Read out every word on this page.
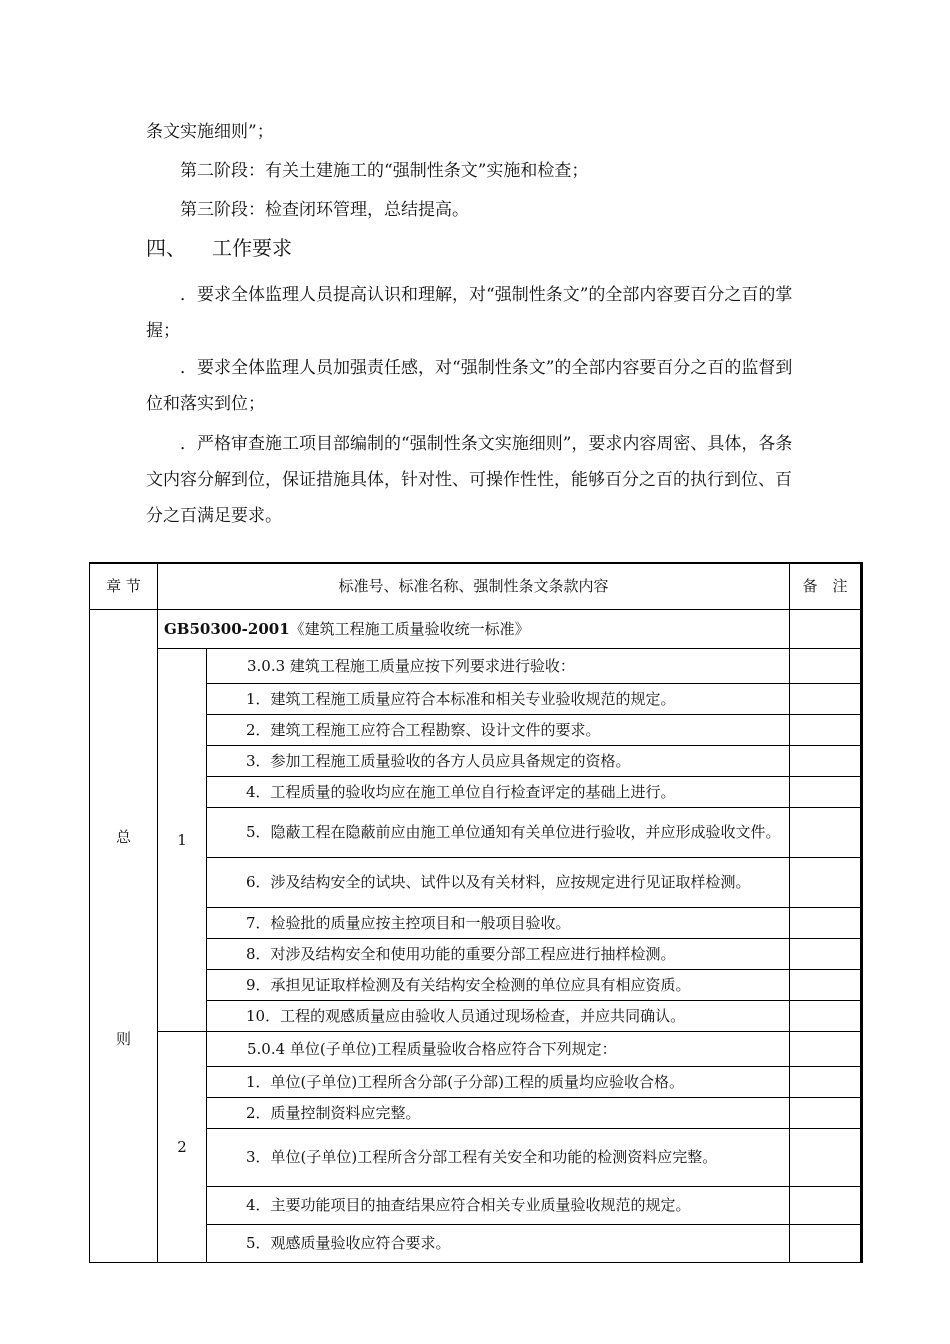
条文实施细则”；

第二阶段：有关土建施工的“强制性条文”实施和检查；

第三阶段：检查闭环管理，总结提高。

四、 工作要求

．要求全体监理人员提高认识和理解，对“强制性条文”的全部内容要百分之百的掌握；

．要求全体监理人员加强责任感，对“强制性条文”的全部内容要百分之百的监督到位和落实到位；

．严格审查施工项目部编制的“强制性条文实施细则”，要求内容周密、具体，各条文内容分解到位，保证措施具体，针对性、可操作性性，能够百分之百的执行到位、百分之百满足要求。

章 节	标准号、标准名称、强制性条文条款内容		备　注

总
则	GB50300-2001《建筑工程施工质量验收统一标准》		
	1	3.0.3 建筑工程施工质量应按下列要求进行验收：	
		1．建筑工程施工质量应符合本标准和相关专业验收规范的规定。	
		2．建筑工程施工应符合工程勘察、设计文件的要求。	
		3．参加工程施工质量验收的各方人员应具备规定的资格。	
		4．工程质量的验收均应在施工单位自行检查评定的基础上进行。	
		5．隐蔽工程在隐蔽前应由施工单位通知有关单位进行验收，并应形成验收文件。	
		6．涉及结构安全的试块、试件以及有关材料，应按规定进行见证取样检测。	
		7．检验批的质量应按主控项目和一般项目验收。	
		8．对涉及结构安全和使用功能的重要分部工程应进行抽样检测。	
		9．承担见证取样检测及有关结构安全检测的单位应具有相应资质。	
		10．工程的观感质量应由验收人员通过现场检查，并应共同确认。	
	2	5.0.4 单位(子单位)工程质量验收合格应符合下列规定：	
		1．单位(子单位)工程所含分部(子分部)工程的质量均应验收合格。	
		2．质量控制资料应完整。	
		3．单位(子单位)工程所含分部工程有关安全和功能的检测资料应完整。	
		4．主要功能项目的抽查结果应符合相关专业质量验收规范的规定。	
		5．观感质量验收应符合要求。	
